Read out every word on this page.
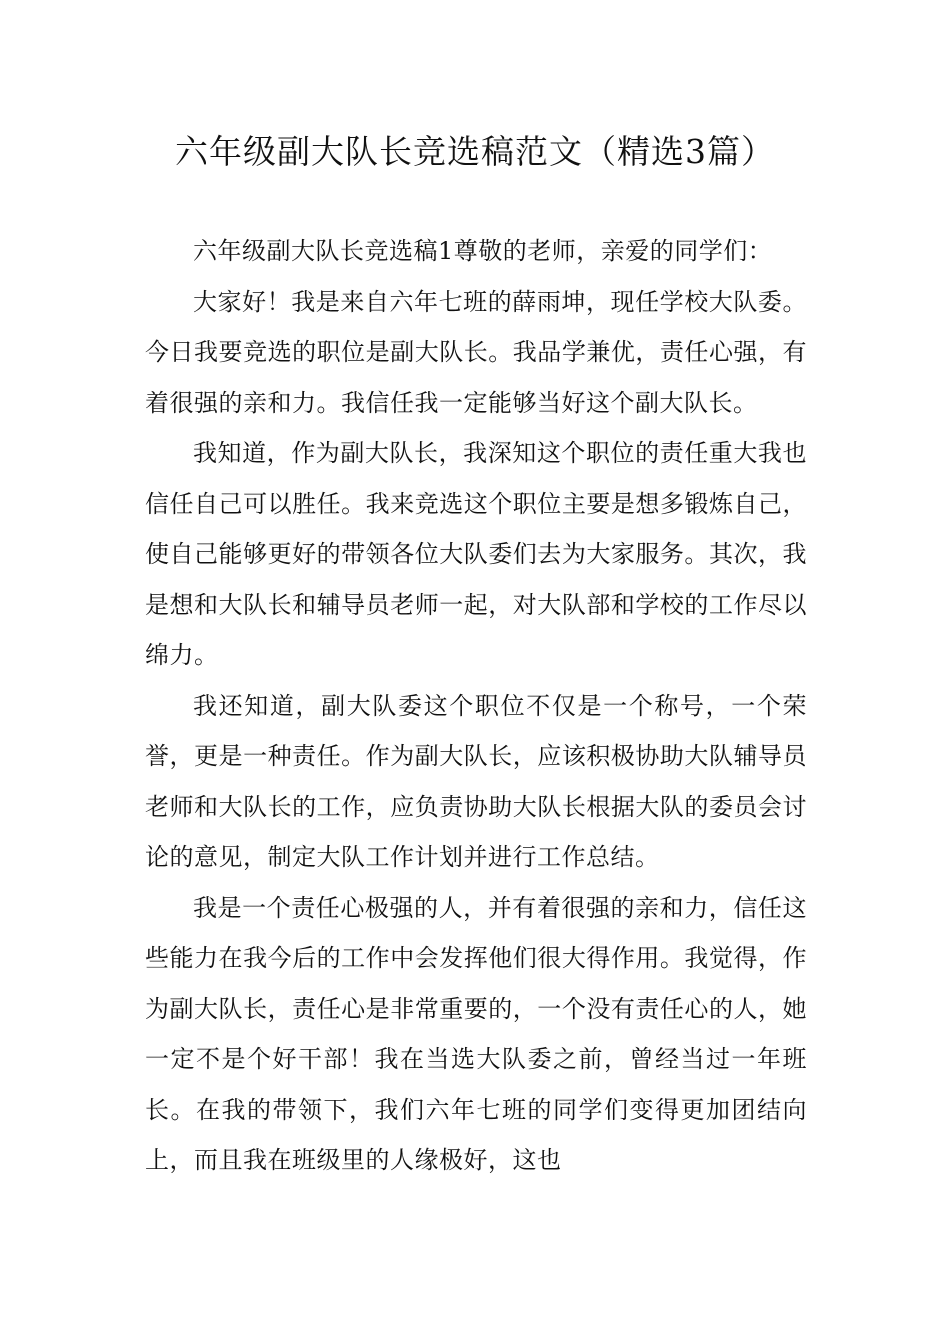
六年级副大队长竞选稿范文（精选3篇）

六年级副大队长竞选稿1尊敬的老师，亲爱的同学们：

大家好！我是来自六年七班的薛雨坤，现任学校大队委。今日我要竞选的职位是副大队长。我品学兼优，责任心强，有着很强的亲和力。我信任我一定能够当好这个副大队长。

我知道，作为副大队长，我深知这个职位的责任重大我也信任自己可以胜任。我来竞选这个职位主要是想多锻炼自己，使自己能够更好的带领各位大队委们去为大家服务。其次，我是想和大队长和辅导员老师一起，对大队部和学校的工作尽以绵力。

我还知道，副大队委这个职位不仅是一个称号，一个荣誉，更是一种责任。作为副大队长，应该积极协助大队辅导员老师和大队长的工作，应负责协助大队长根据大队的委员会讨论的意见，制定大队工作计划并进行工作总结。

我是一个责任心极强的人，并有着很强的亲和力，信任这些能力在我今后的工作中会发挥他们很大得作用。我觉得，作为副大队长，责任心是非常重要的，一个没有责任心的人，她一定不是个好干部！我在当选大队委之前，曾经当过一年班长。在我的带领下，我们六年七班的同学们变得更加团结向上，而且我在班级里的人缘极好，这也
